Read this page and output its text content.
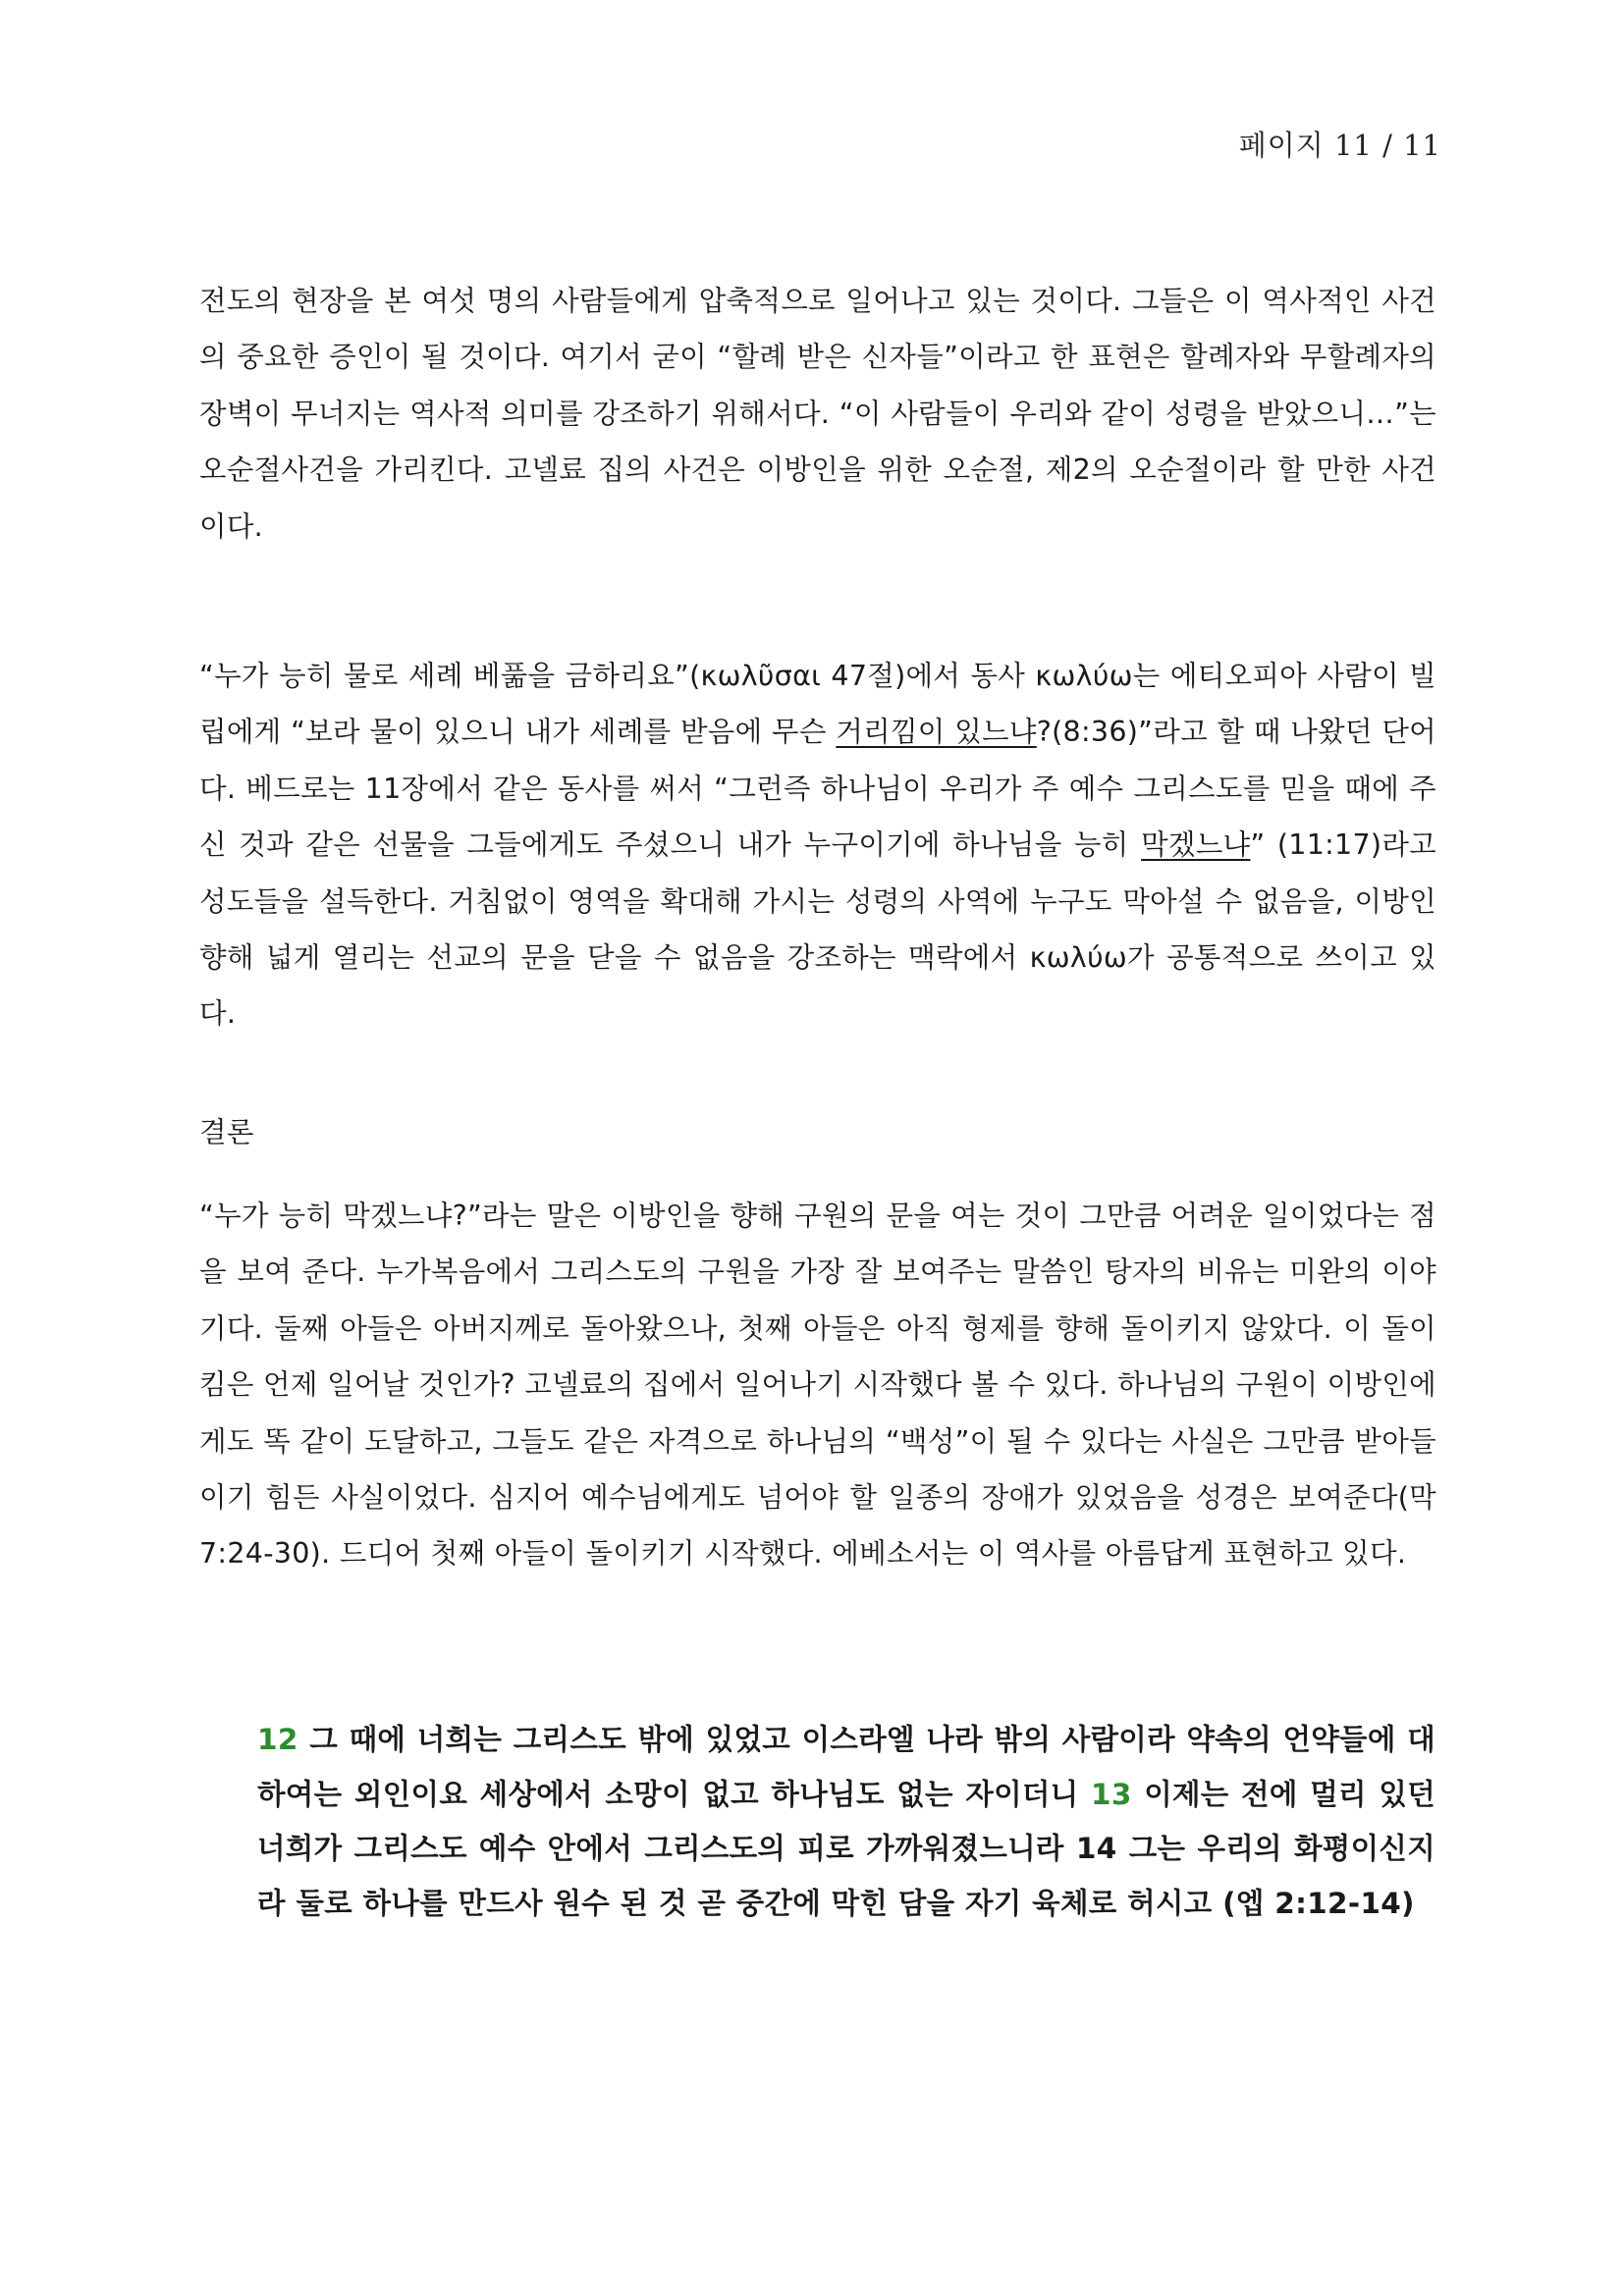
페이지 11 / 11

전도의 현장을 본 여섯 명의 사람들에게 압축적으로 일어나고 있는 것이다. 그들은 이 역사적인 사건의 중요한 증인이 될 것이다. 여기서 굳이 “할례 받은 신자들”이라고 한 표현은 할례자와 무할례자의 장벽이 무너지는 역사적 의미를 강조하기 위해서다. “이 사람들이 우리와 같이 성령을 받았으니…”는 오순절사건을 가리킨다. 고넬료 집의 사건은 이방인을 위한 오순절, 제2의 오순절이라 할 만한 사건이다.

“누가 능히 물로 세례 베풂을 금하리요”(κωλῦσαι 47절)에서 동사 κωλύω는 에티오피아 사람이 빌립에게 “보라 물이 있으니 내가 세례를 받음에 무슨 거리낌이 있느냐?(8:36)”라고 할 때 나왔던 단어다. 베드로는 11장에서 같은 동사를 써서 “그런즉 하나님이 우리가 주 예수 그리스도를 믿을 때에 주신 것과 같은 선물을 그들에게도 주셨으니 내가 누구이기에 하나님을 능히 막겠느냐” (11:17)라고 성도들을 설득한다. 거침없이 영역을 확대해 가시는 성령의 사역에 누구도 막아설 수 없음을, 이방인 향해 넓게 열리는 선교의 문을 닫을 수 없음을 강조하는 맥락에서 κωλύω가 공통적으로 쓰이고 있다.

결론

“누가 능히 막겠느냐?”라는 말은 이방인을 향해 구원의 문을 여는 것이 그만큼 어려운 일이었다는 점을 보여 준다. 누가복음에서 그리스도의 구원을 가장 잘 보여주는 말씀인 탕자의 비유는 미완의 이야기다. 둘째 아들은 아버지께로 돌아왔으나, 첫째 아들은 아직 형제를 향해 돌이키지 않았다. 이 돌이킴은 언제 일어날 것인가? 고넬료의 집에서 일어나기 시작했다 볼 수 있다. 하나님의 구원이 이방인에게도 똑 같이 도달하고, 그들도 같은 자격으로 하나님의 “백성”이 될 수 있다는 사실은 그만큼 받아들이기 힘든 사실이었다. 심지어 예수님에게도 넘어야 할 일종의 장애가 있었음을 성경은 보여준다(막 7:24-30). 드디어 첫째 아들이 돌이키기 시작했다. 에베소서는 이 역사를 아름답게 표현하고 있다.

12 그 때에 너희는 그리스도 밖에 있었고 이스라엘 나라 밖의 사람이라 약속의 언약들에 대하여는 외인이요 세상에서 소망이 없고 하나님도 없는 자이더니 13 이제는 전에 멀리 있던 너희가 그리스도 예수 안에서 그리스도의 피로 가까워졌느니라 14 그는 우리의 화평이신지라 둘로 하나를 만드사 원수 된 것 곧 중간에 막힌 담을 자기 육체로 허시고 (엡 2:12-14)
